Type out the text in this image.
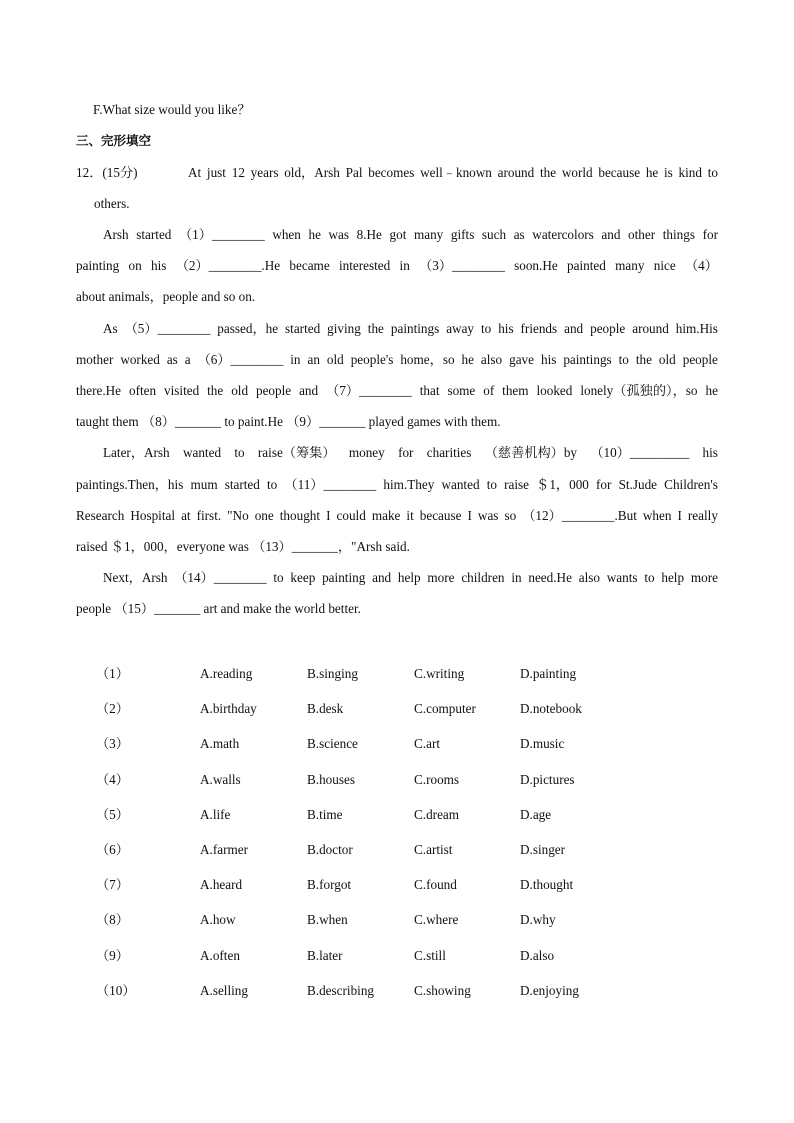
F.What size would you like？
三、完形填空
12．(15分)	At just 12 years old，Arsh Pal becomes well﹣known around the world because he is kind to
others.
Arsh started （1）________ when he was 8.He got many gifts such as watercolors and other things for
painting on his （2）________.He became interested in （3）________ soon.He painted many nice （4）
about animals，people and so on.
As （5）________ passed，he started giving the paintings away to his friends and people around him.His
mother worked as a （6）________ in an old people's home，so he also gave his paintings to the old people
there.He often visited the old people and （7）________ that some of them looked lonely（孤独的），so he
taught them （8）_______ to paint.He （9）_______ played games with them.
Later，Arsh wanted to raise（筹集） money for charities （慈善机构）by （10）_________ his
paintings.Then，his mum started to （11）________ him.They wanted to raise ＄1，000 for St.Jude Children's
Research Hospital at first. "No one thought I could make it because I was so （12）________.But when I really
raised ＄1，000，everyone was （13）_______，"Arsh said.
Next，Arsh （14）________ to keep painting and help more children in need.He also wants to help more
people （15）_______ art and make the world better.
（1）	A.reading	B.singing	C.writing	D.painting
（2）	A.birthday	B.desk	C.computer	D.notebook
（3）	A.math	B.science	C.art	D.music
（4）	A.walls	B.houses	C.rooms	D.pictures
（5）	A.life	B.time	C.dream	D.age
（6）	A.farmer	B.doctor	C.artist	D.singer
（7）	A.heard	B.forgot	C.found	D.thought
（8）	A.how	B.when	C.where	D.why
（9）	A.often	B.later	C.still	D.also
（10）	A.selling	B.describing	C.showing	D.enjoying
